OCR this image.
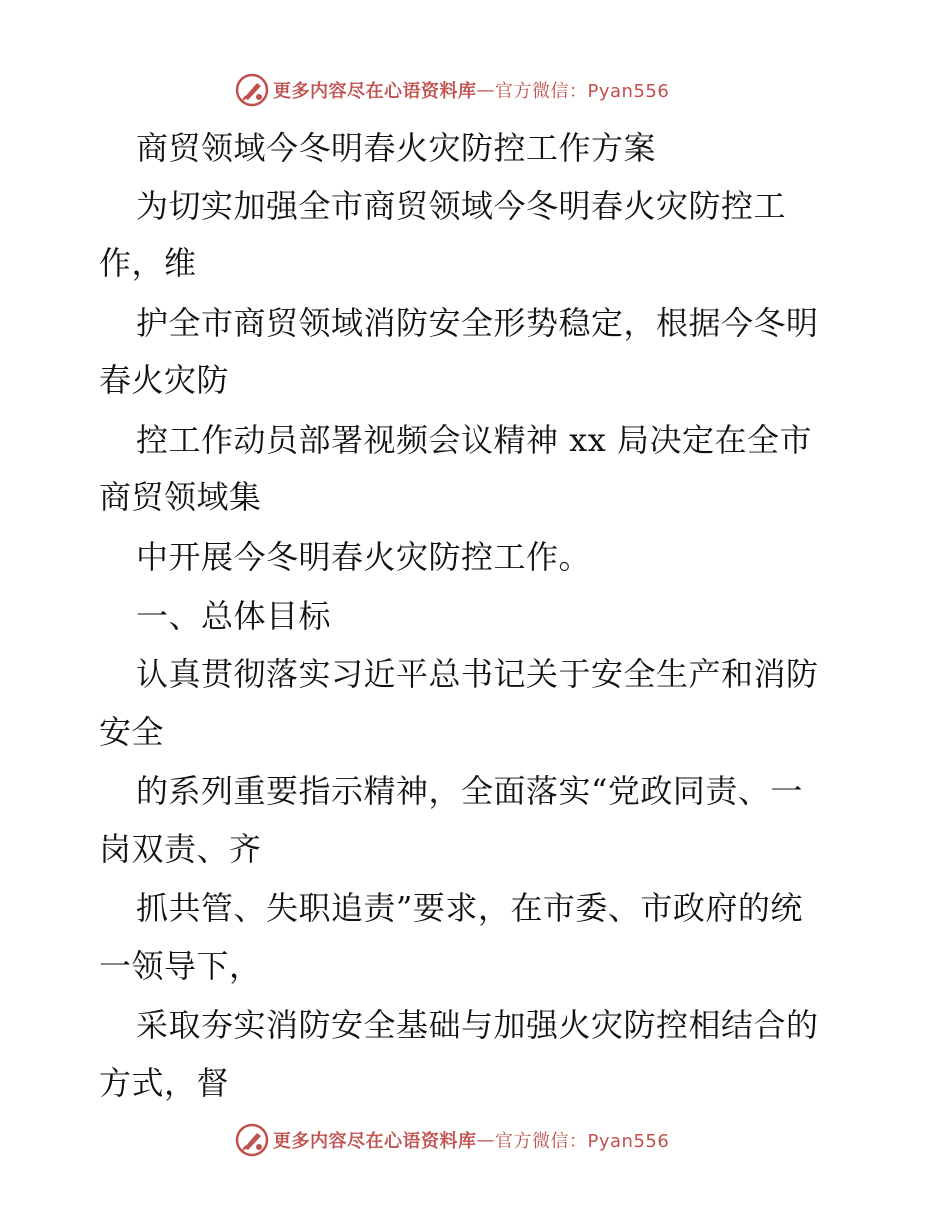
更多内容尽在心语资料库 — 官方微信：Pyan556
商贸领域今冬明春火灾防控工作方案
为切实加强全市商贸领域今冬明春火灾防控工
作，维
护全市商贸领域消防安全形势稳定，根据今冬明
春火灾防
控工作动员部署视频会议精神 xx 局决定在全市
商贸领域集
中开展今冬明春火灾防控工作。
一、总体目标
认真贯彻落实习近平总书记关于安全生产和消防
安全
的系列重要指示精神，全面落实“党政同责、一
岗双责、齐
抓共管、失职追责”要求，在市委、市政府的统
一领导下，
采取夯实消防安全基础与加强火灾防控相结合的
方式，督
更多内容尽在心语资料库 — 官方微信：Pyan556
